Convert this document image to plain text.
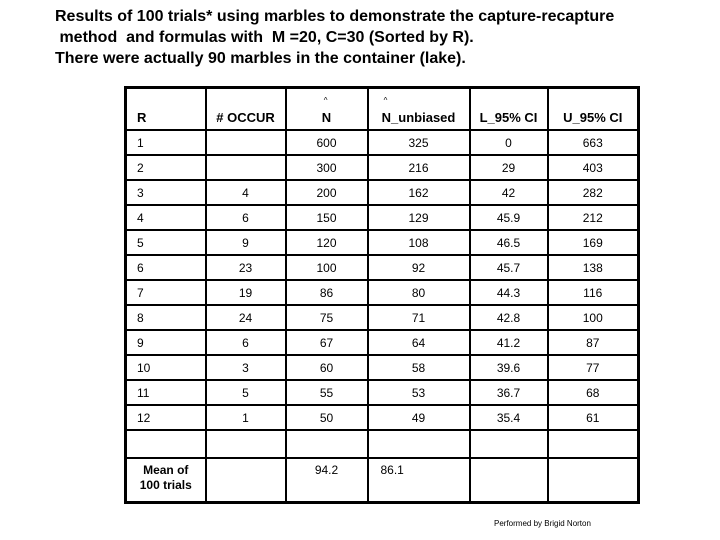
Results of 100 trials* using marbles to demonstrate the capture-recapture
method  and formulas with  M =20, C=30 (Sorted by R).
There were actually 90 marbles in the container (lake).
R	# OCCUR	^ N	^ N_unbiased	L_95% CI	U_95% CI
1		600	325	0	663
2		300	216	29	403
3	4	200	162	42	282
4	6	150	129	45.9	212
5	9	120	108	46.5	169
6	23	100	92	45.7	138
7	19	86	80	44.3	116
8	24	75	71	42.8	100
9	6	67	64	41.2	87
10	3	60	58	39.6	77
11	5	55	53	36.7	68
12	1	50	49	35.4	61

Mean of
100 trials		94.2	86.1		
Performed by Brigid Norton
